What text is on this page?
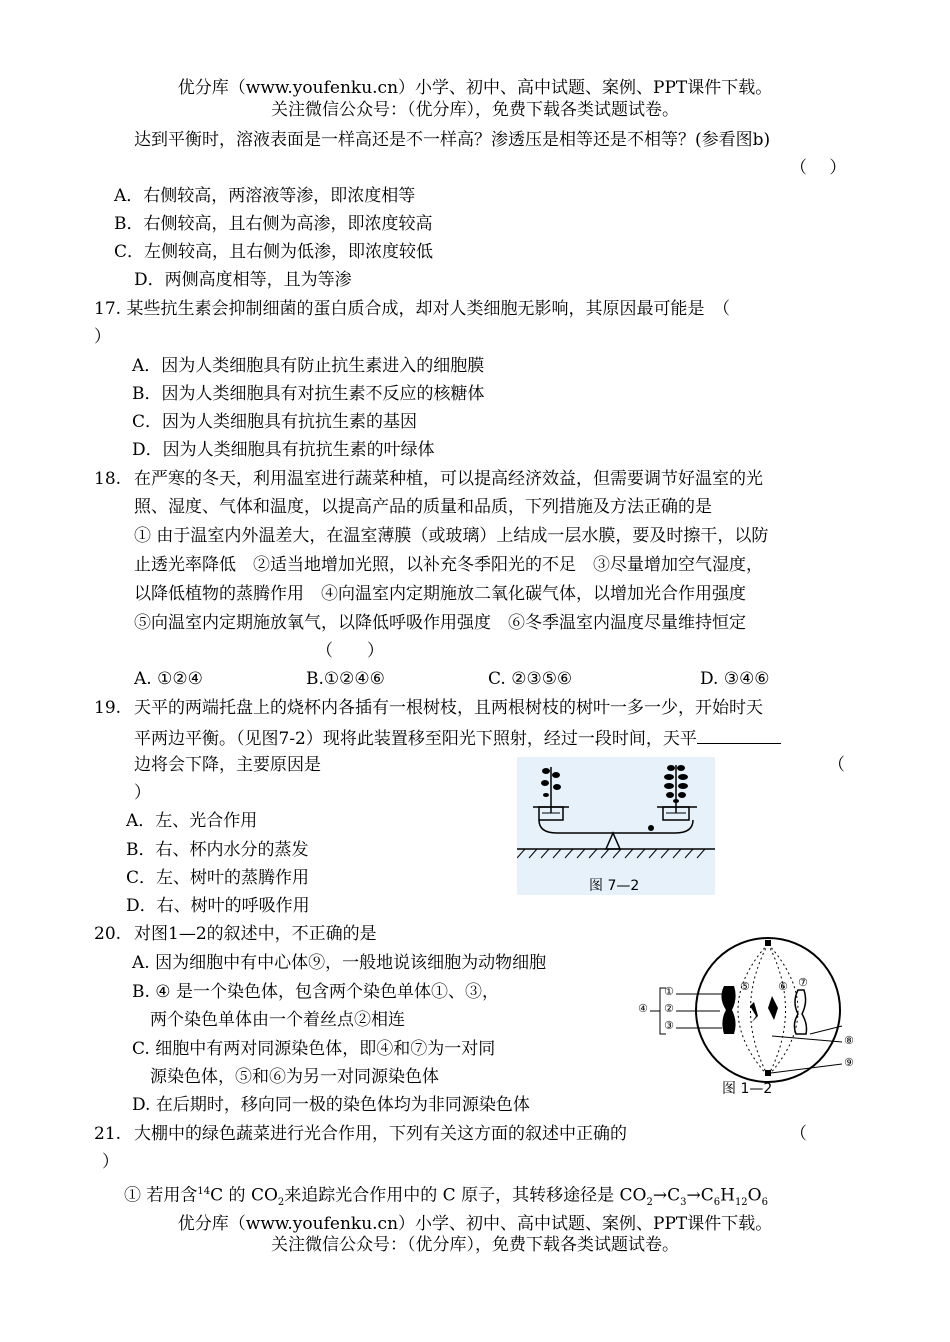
优分库（www.youfenku.cn）小学、初中、高中试题、案例、PPT课件下载。
关注微信公众号：（优分库），免费下载各类试题试卷。
达到平衡时，溶液表面是一样高还是不一样高？渗透压是相等还是不相等？(参看图b)
（　 ）
A．右侧较高，两溶液等渗，即浓度相等
B．右侧较高，且右侧为高渗，即浓度较高
C．左侧较高，且右侧为低渗，即浓度较低
D．两侧高度相等，且为等渗
17. 某些抗生素会抑制细菌的蛋白质合成，却对人类细胞无影响，其原因最可能是　（
）
A．因为人类细胞具有防止抗生素进入的细胞膜
B．因为人类细胞具有对抗生素不反应的核糖体
C．因为人类细胞具有抗抗生素的基因
D．因为人类细胞具有抗抗生素的叶绿体
18. 在严寒的冬天，利用温室进行蔬菜种植，可以提高经济效益，但需要调节好温室的光
照、湿度、气体和温度，以提高产品的质量和品质，下列措施及方法正确的是
① 由于温室内外温差大，在温室薄膜（或玻璃）上结成一层水膜，要及时擦干，以防
止透光率降低　②适当地增加光照，以补充冬季阳光的不足　③尽量增加空气湿度，
以降低植物的蒸腾作用　④向温室内定期施放二氧化碳气体，以增加光合作用强度
⑤向温室内定期施放氧气，以降低呼吸作用强度　⑥冬季温室内温度尽量维持恒定
（　　）
A. ①②④	B.①②④⑥	C. ②③⑤⑥	D. ③④⑥
19. 天平的两端托盘上的烧杯内各插有一根树枝，且两根树枝的树叶一多一少，开始时天
平两边平衡。（见图7-2）现将此装置移至阳光下照射，经过一段时间，天平
边将会下降，主要原因是	（
）
A．左、光合作用
B．右、杯内水分的蒸发
C．左、树叶的蒸腾作用
D．右、树叶的呼吸作用
图 7—2
20. 对图1—2的叙述中，不正确的是
A. 因为细胞中有中心体⑨，一般地说该细胞为动物细胞
B. ④ 是一个染色体，包含两个染色单体①、③，
两个染色单体由一个着丝点②相连
C. 细胞中有两对同源染色体，即④和⑦为一对同
源染色体，⑤和⑥为另一对同源染色体
D. 在后期时，移向同一极的染色体均为非同源染色体
④
①
②
③
⑤	⑥ ⑦
⑧
⑨
图 1—2
21. 大棚中的绿色蔬菜进行光合作用，下列有关这方面的叙述中正确的	（
）
① 若用含$^{14}$C 的 $CO_2$来追踪光合作用中的 C 原子，其转移途径是 $CO_2\to C_3\to C_6H_{12}O_6$
优分库（www.youfenku.cn）小学、初中、高中试题、案例、PPT课件下载。
关注微信公众号：（优分库），免费下载各类试题试卷。
